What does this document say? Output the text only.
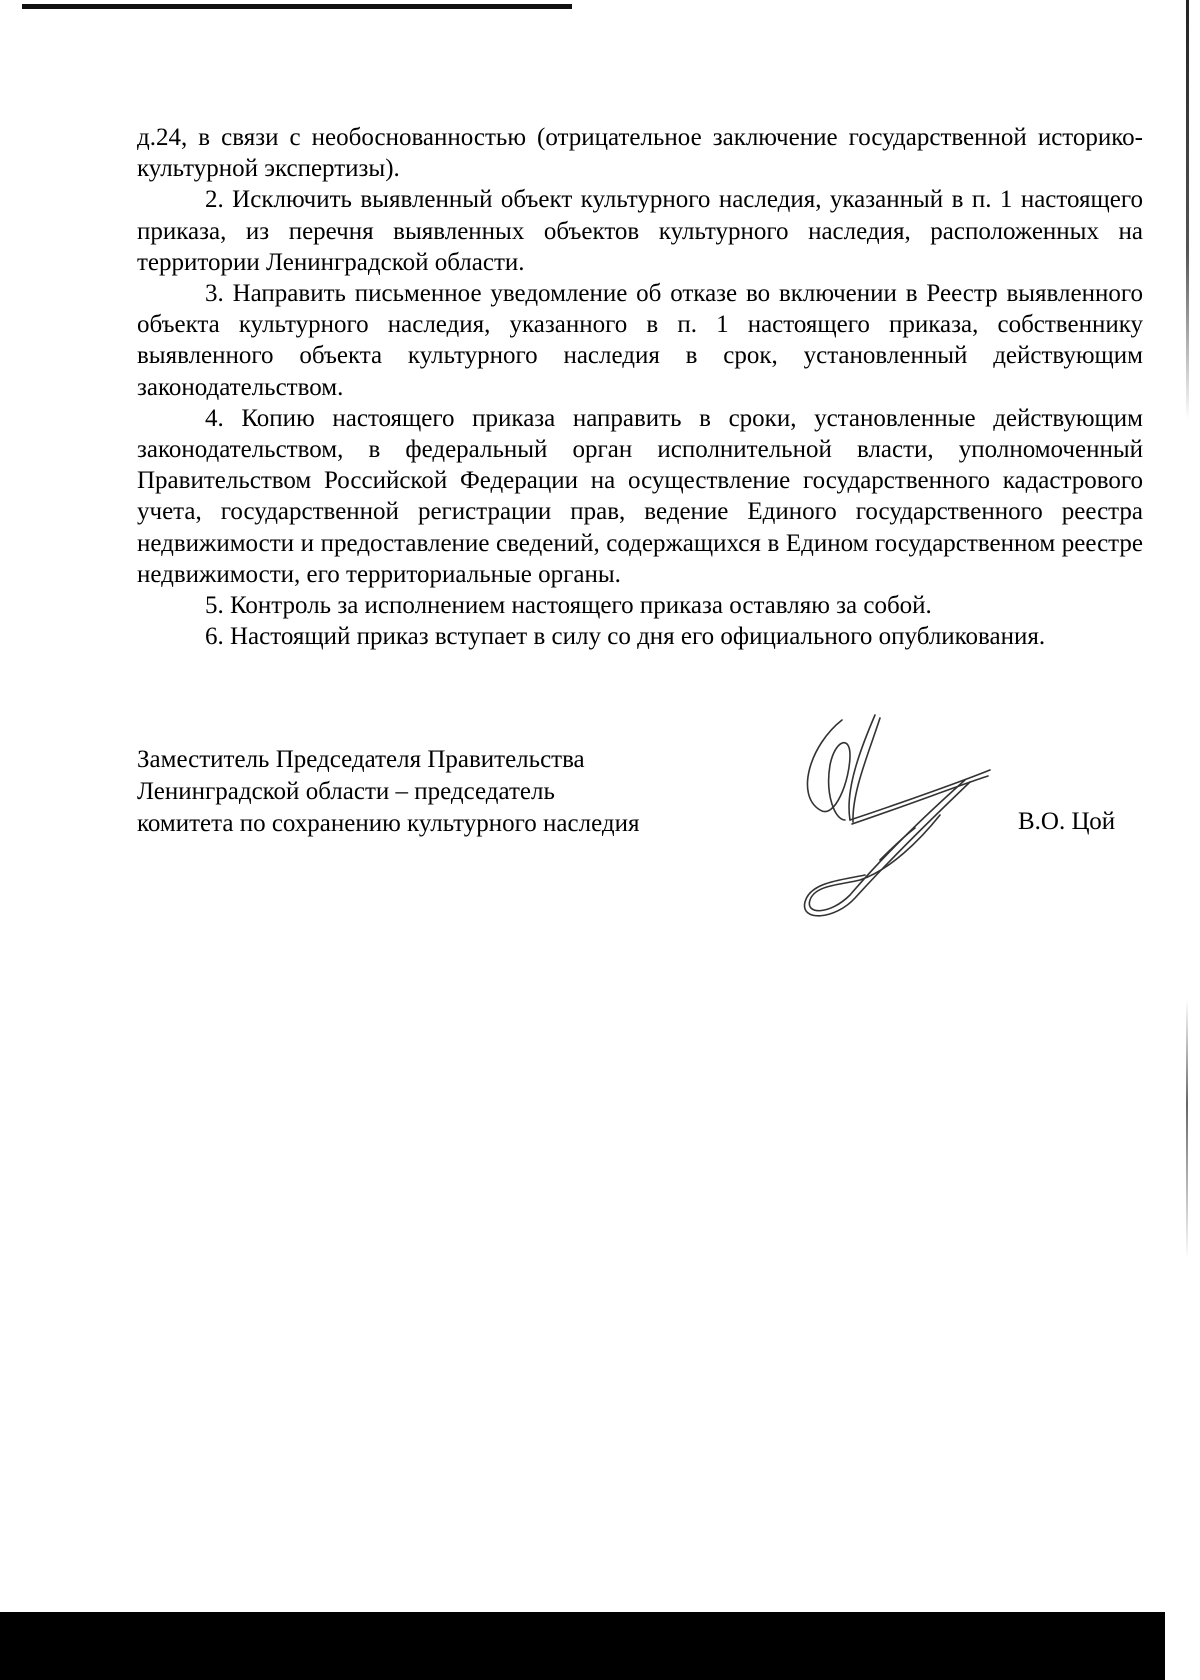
д.24, в связи с необоснованностью (отрицательное заключение государственной историко-культурной экспертизы).

2. Исключить выявленный объект культурного наследия, указанный в п. 1 настоящего приказа, из перечня выявленных объектов культурного наследия, расположенных на территории Ленинградской области.

3. Направить письменное уведомление об отказе во включении в Реестр выявленного объекта культурного наследия, указанного в п. 1 настоящего приказа, собственнику выявленного объекта культурного наследия в срок, установленный действующим законодательством.

4. Копию настоящего приказа направить в сроки, установленные действующим законодательством, в федеральный орган исполнительной власти, уполномоченный Правительством Российской Федерации на осуществление государственного кадастрового учета, государственной регистрации прав, ведение Единого государственного реестра недвижимости и предоставление сведений, содержащихся в Едином государственном реестре недвижимости, его территориальные органы.

5. Контроль за исполнением настоящего приказа оставляю за собой.

6. Настоящий приказ вступает в силу со дня его официального опубликования.

Заместитель Председателя Правительства
Ленинградской области – председатель
комитета по сохранению культурного наследия	В.О. Цой
